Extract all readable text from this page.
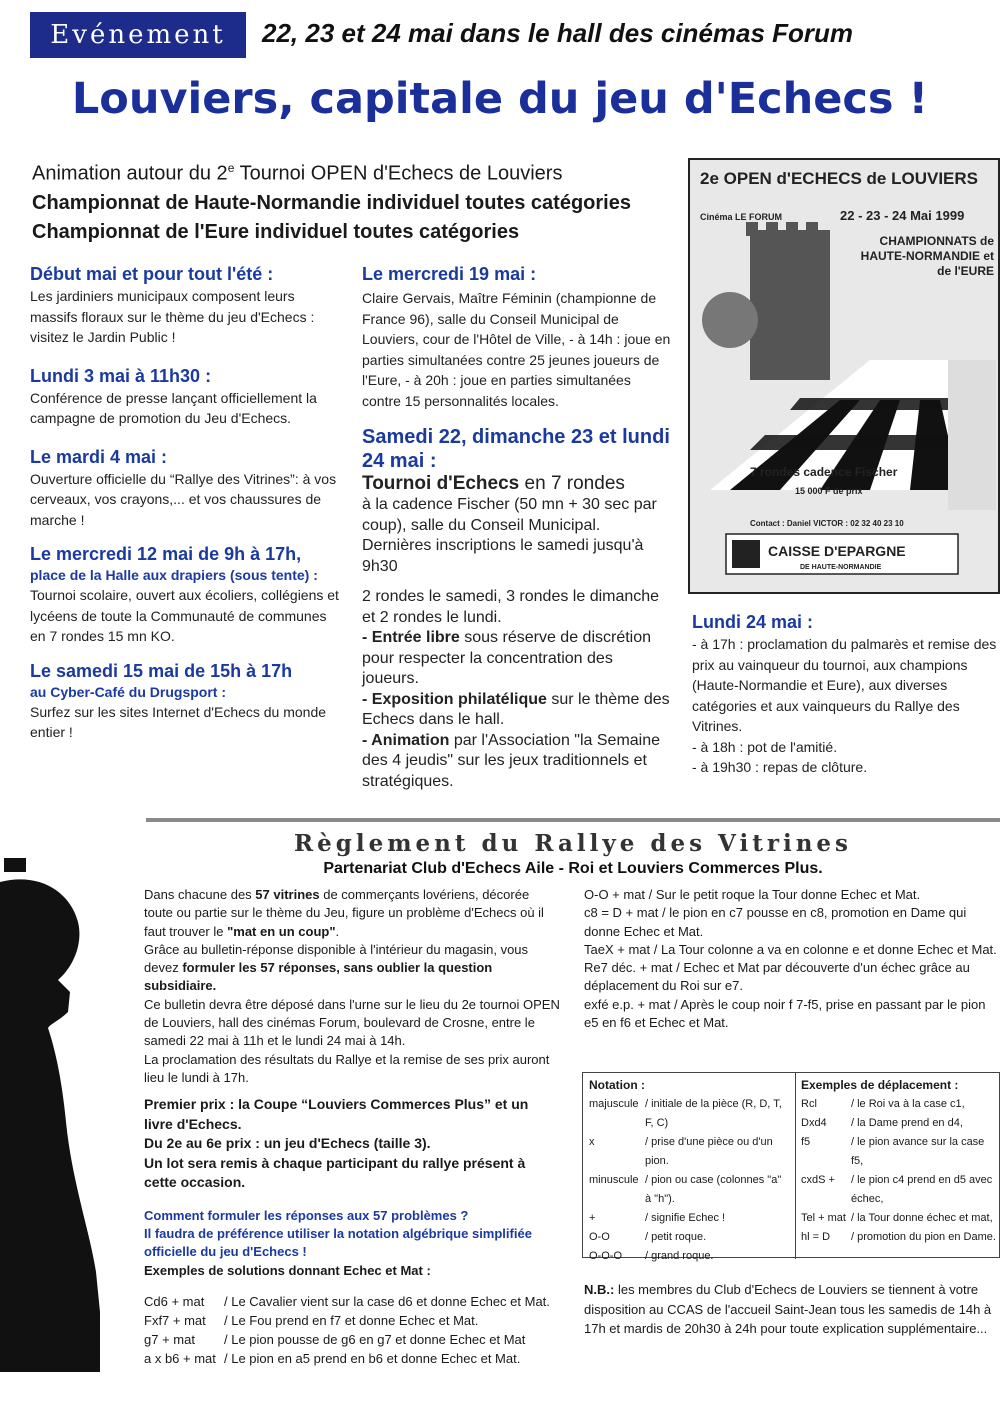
Evénement	22, 23 et 24 mai dans le hall des cinémas Forum
Louviers, capitale du jeu d'Echecs !
Animation autour du 2e Tournoi OPEN d'Echecs de Louviers
Championnat de Haute-Normandie individuel toutes catégories
Championnat de l'Eure individuel toutes catégories
Début mai et pour tout l'été :
Les jardiniers municipaux composent leurs massifs floraux sur le thème du jeu d'Echecs : visitez le Jardin Public !
Lundi 3 mai à 11h30 :
Conférence de presse lançant officiellement la campagne de promotion du Jeu d'Echecs.
Le mardi 4 mai :
Ouverture officielle du “Rallye des Vitrines”: à vos cerveaux, vos crayons,... et vos chaussures de marche !
Le mercredi 12 mai de 9h à 17h,
place de la Halle aux drapiers (sous tente) :
Tournoi scolaire, ouvert aux écoliers, collégiens et lycéens de toute la Communauté de communes en 7 rondes 15 mn KO.
Le samedi 15 mai de 15h à 17h
au Cyber-Café du Drugsport :
Surfez sur les sites Internet d'Echecs du monde entier !
Le mercredi 19 mai :
Claire Gervais, Maître Féminin (championne de France 96), salle du Conseil Municipal de Louviers, cour de l'Hôtel de Ville, - à 14h : joue en parties simultanées contre 25 jeunes joueurs de l'Eure, - à 20h : joue en parties simultanées contre 15 personnalités locales.
Samedi 22, dimanche 23 et lundi 24 mai :
Tournoi d'Echecs en 7 rondes
à la cadence Fischer (50 mn + 30 sec par coup), salle du Conseil Municipal.
Dernières inscriptions le samedi jusqu'à 9h30
2 rondes le samedi, 3 rondes le dimanche et 2 rondes le lundi.
- Entrée libre sous réserve de discrétion pour respecter la concentration des joueurs.
- Exposition philatélique sur le thème des Echecs dans le hall.
- Animation par l'Association "la Semaine des 4 jeudis" sur les jeux traditionnels et stratégiques.
2e OPEN d'ECHECS de LOUVIERS
Cinéma LE FORUM	22 - 23 - 24 Mai 1999
CHAMPIONNATS de HAUTE-NORMANDIE et de l'EURE
7 rondes cadence Fischer
15 000 F de prix
Contact : Daniel VICTOR : 02 32 40 23 10
CAISSE D'EPARGNE
DE HAUTE-NORMANDIE
Lundi 24 mai :
- à 17h : proclamation du palmarès et remise des prix au vainqueur du tournoi, aux champions (Haute-Normandie et Eure), aux diverses catégories et aux vainqueurs du Rallye des Vitrines.
- à 18h : pot de l'amitié.
- à 19h30 : repas de clôture.
Règlement du Rallye des Vitrines
Partenariat Club d'Echecs Aile - Roi et Louviers Commerces Plus.

Dans chacune des 57 vitrines de commerçants lovériens, décorée toute ou partie sur le thème du Jeu, figure un problème d'Echecs où il faut trouver le "mat en un coup".

Grâce au bulletin-réponse disponible à l'intérieur du magasin, vous devez formuler les 57 réponses, sans oublier la question subsidiaire.

Ce bulletin devra être déposé dans l'urne sur le lieu du 2e tournoi OPEN de Louviers, hall des cinémas Forum, boulevard de Crosne, entre le samedi 22 mai à 11h et le lundi 24 mai à 14h.

La proclamation des résultats du Rallye et la remise de ses prix auront lieu le lundi à 17h.

Premier prix : la Coupe “Louviers Commerces Plus” et un livre d'Echecs.
Du 2e au 6e prix : un jeu d'Echecs (taille 3).
Un lot sera remis à chaque participant du rallye présent à cette occasion.
Comment formuler les réponses aux 57 problèmes ?
Il faudra de préférence utiliser la notation algébrique simplifiée officielle du jeu d'Echecs !
Exemples de solutions donnant Echec et Mat :
Cd6 + mat	/ Le Cavalier vient sur la case d6 et donne Echec et Mat.
Fxf7 + mat	/ Le Fou prend en f7 et donne Echec et Mat.
g7 + mat	/ Le pion pousse de g6 en g7 et donne Echec et Mat
a x b6 + mat / Le pion en a5 prend en b6 et donne Echec et Mat.
O-O + mat / Sur le petit roque la Tour donne Echec et Mat.
c8 = D + mat / le pion en c7 pousse en c8, promotion en Dame qui donne Echec et Mat.
TaeX + mat / La Tour colonne a va en colonne e et donne Echec et Mat.
Re7 déc. + mat / Echec et Mat par découverte d'un échec grâce au déplacement du Roi sur e7.
exfé e.p. + mat / Après le coup noir f 7-f5, prise en passant par le pion e5 en f6 et Echec et Mat.
Notation :
majuscule / initiale de la pièce (R, D, T, F, C)
x	/ prise d'une pièce ou d'un pion.
minuscule / pion ou case (colonnes "a" à "h").
+	/ signifie Echec !
O-O	/ petit roque.
O-O-O	/ grand roque.
Exemples de déplacement :
Rcl	/ le Roi va à la case c1,
Dxd4	/ la Dame prend en d4,
f5	/ le pion avance sur la case f5,
cxdS +	/ le pion c4 prend en d5 avec échec,
Tel + mat / la Tour donne échec et mat,
hl = D	/ promotion du pion en Dame.
N.B.: les membres du Club d'Echecs de Louviers se tiennent à votre disposition au CCAS de l'accueil Saint-Jean tous les samedis de 14h à 17h et mardis de 20h30 à 24h pour toute explication supplémentaire...
